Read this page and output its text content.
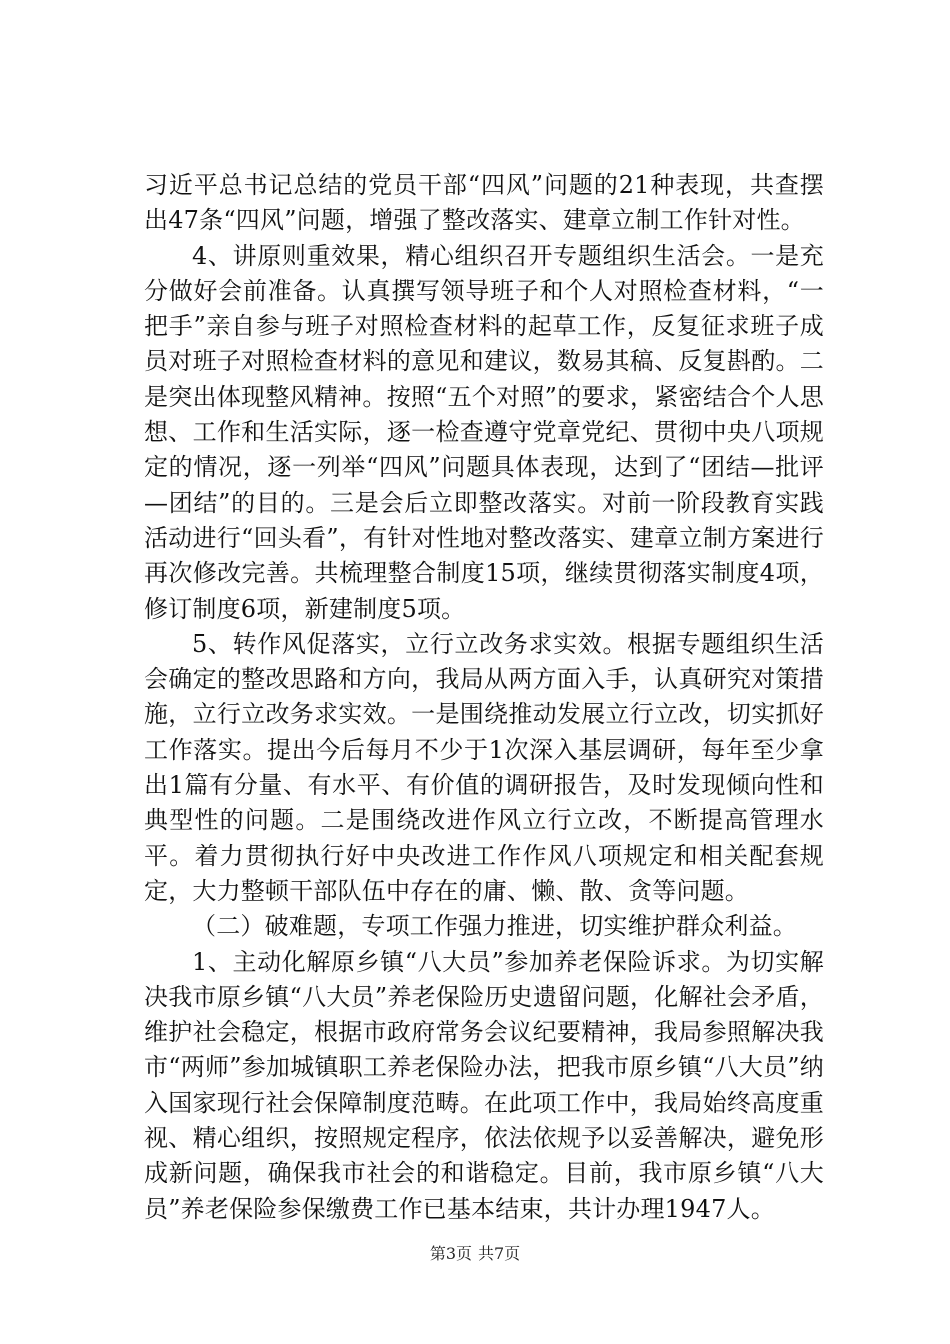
习近平总书记总结的党员干部“四风”问题的21种表现，共查摆出47条“四风”问题，增强了整改落实、建章立制工作针对性。

4、讲原则重效果，精心组织召开专题组织生活会。一是充分做好会前准备。认真撰写领导班子和个人对照检查材料，“一把手”亲自参与班子对照检查材料的起草工作，反复征求班子成员对班子对照检查材料的意见和建议，数易其稿、反复斟酌。二是突出体现整风精神。按照“五个对照”的要求，紧密结合个人思想、工作和生活实际，逐一检查遵守党章党纪、贯彻中央八项规定的情况，逐一列举“四风”问题具体表现，达到了“团结—批评—团结”的目的。三是会后立即整改落实。对前一阶段教育实践活动进行“回头看”，有针对性地对整改落实、建章立制方案进行再次修改完善。共梳理整合制度15项，继续贯彻落实制度4项，修订制度6项，新建制度5项。

5、转作风促落实，立行立改务求实效。根据专题组织生活会确定的整改思路和方向，我局从两方面入手，认真研究对策措施，立行立改务求实效。一是围绕推动发展立行立改，切实抓好工作落实。提出今后每月不少于1次深入基层调研，每年至少拿出1篇有分量、有水平、有价值的调研报告，及时发现倾向性和典型性的问题。二是围绕改进作风立行立改，不断提高管理水平。着力贯彻执行好中央改进工作作风八项规定和相关配套规定，大力整顿干部队伍中存在的庸、懒、散、贪等问题。

（二）破难题，专项工作强力推进，切实维护群众利益。

1、主动化解原乡镇“八大员”参加养老保险诉求。为切实解决我市原乡镇“八大员”养老保险历史遗留问题，化解社会矛盾，维护社会稳定，根据市政府常务会议纪要精神，我局参照解决我市“两师”参加城镇职工养老保险办法，把我市原乡镇“八大员”纳入国家现行社会保障制度范畴。在此项工作中，我局始终高度重视、精心组织，按照规定程序，依法依规予以妥善解决，避免形成新问题，确保我市社会的和谐稳定。目前，我市原乡镇“八大员”养老保险参保缴费工作已基本结束，共计办理1947人。

第3页 共7页
